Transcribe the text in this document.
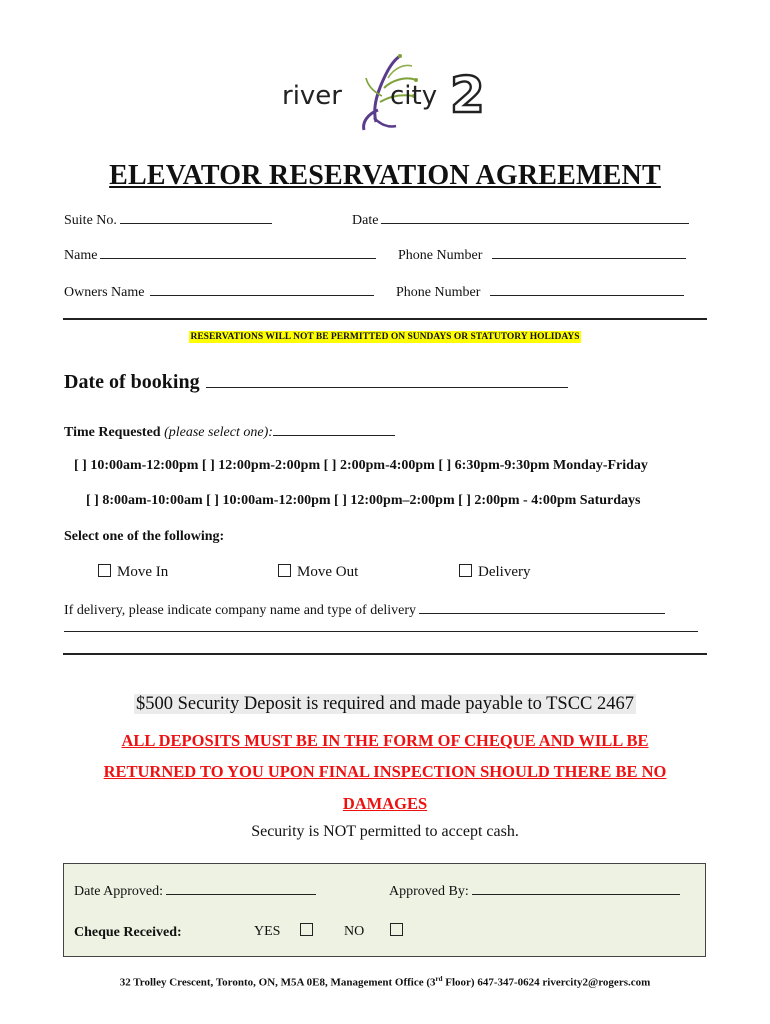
river city 2
ELEVATOR RESERVATION AGREEMENT
Suite No.	Date
Name	Phone Number
Owners Name	Phone Number
RESERVATIONS WILL NOT BE PERMITTED ON SUNDAYS OR STATUTORY HOLIDAYS
Date of booking
Time Requested (please select one):
[ ] 10:00am-12:00pm [ ] 12:00pm-2:00pm [ ] 2:00pm-4:00pm [ ] 6:30pm-9:30pm Monday-Friday
[ ] 8:00am-10:00am [ ] 10:00am-12:00pm [ ] 12:00pm–2:00pm [ ] 2:00pm - 4:00pm Saturdays
Select one of the following:
Move In	Move Out	Delivery
If delivery, please indicate company name and type of delivery
$500 Security Deposit is required and made payable to TSCC 2467
ALL DEPOSITS MUST BE IN THE FORM OF CHEQUE AND WILL BE
RETURNED TO YOU UPON FINAL INSPECTION SHOULD THERE BE NO
DAMAGES
Security is NOT permitted to accept cash.
Date Approved:	Approved By:
Cheque Received:	YES	NO
32 Trolley Crescent, Toronto, ON, M5A 0E8, Management Office (3rd Floor) 647-347-0624 rivercity2@rogers.com
